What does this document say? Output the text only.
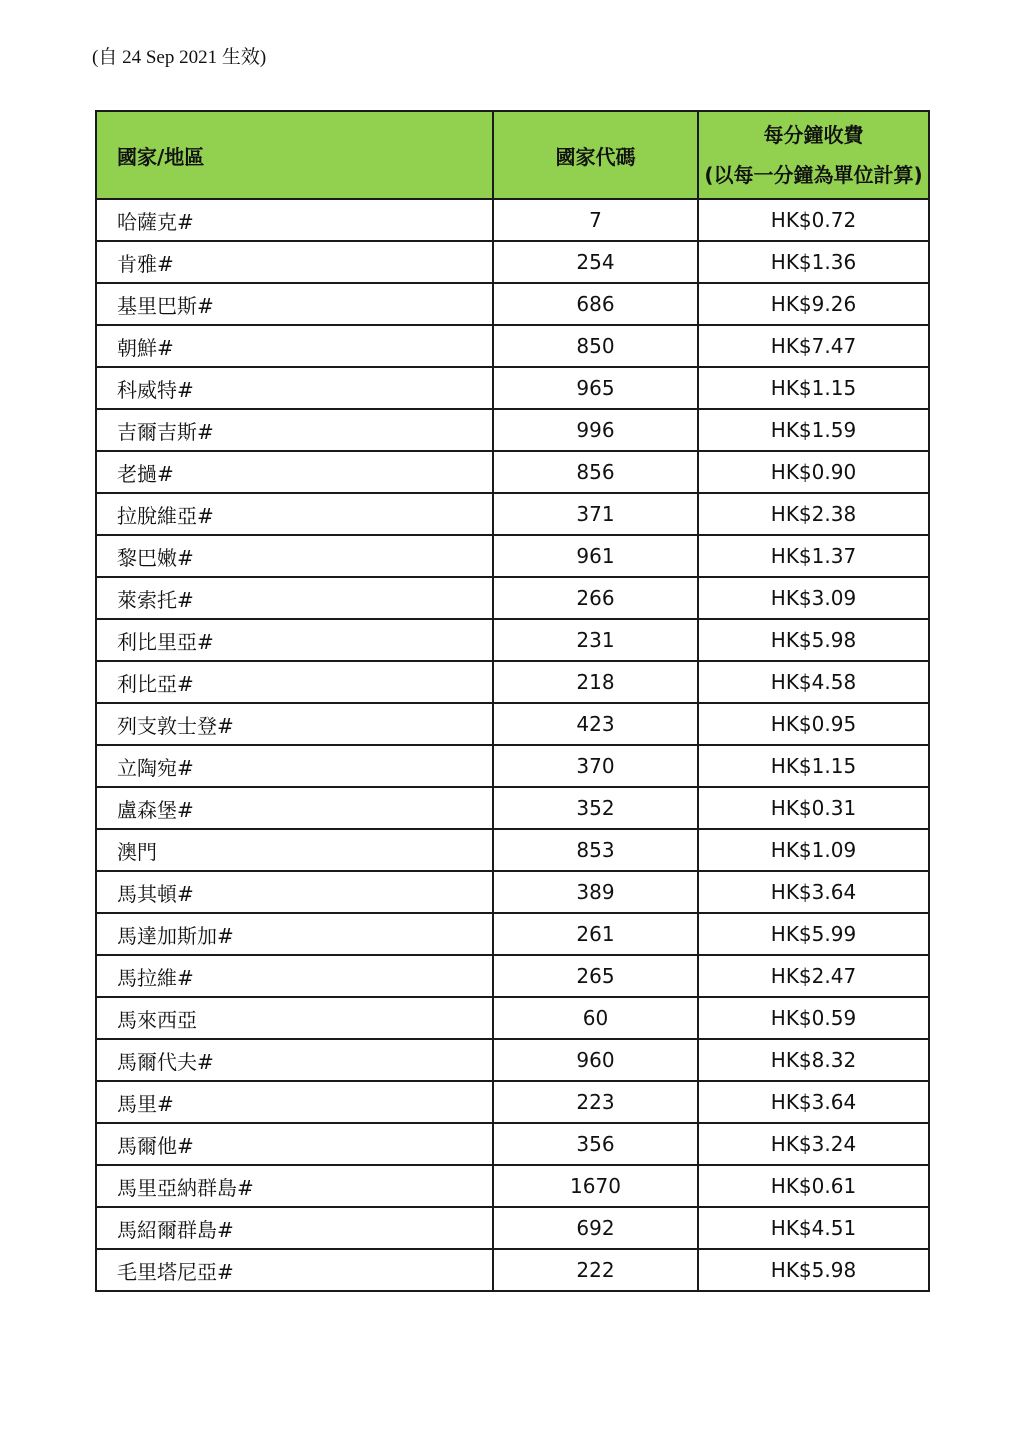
(自 24 Sep 2021 生效)
國家/地區	國家代碼	每分鐘收費
(以每一分鐘為單位計算)

哈薩克#	7	HK$0.72
肯雅#	254	HK$1.36
基里巴斯#	686	HK$9.26
朝鮮#	850	HK$7.47
科威特#	965	HK$1.15
吉爾吉斯#	996	HK$1.59
老撾#	856	HK$0.90
拉脫維亞#	371	HK$2.38
黎巴嫩#	961	HK$1.37
萊索托#	266	HK$3.09
利比里亞#	231	HK$5.98
利比亞#	218	HK$4.58
列支敦士登#	423	HK$0.95
立陶宛#	370	HK$1.15
盧森堡#	352	HK$0.31
澳門	853	HK$1.09
馬其頓#	389	HK$3.64
馬達加斯加#	261	HK$5.99
馬拉維#	265	HK$2.47
馬來西亞	60	HK$0.59
馬爾代夫#	960	HK$8.32
馬里#	223	HK$3.64
馬爾他#	356	HK$3.24
馬里亞納群島#	1670	HK$0.61
馬紹爾群島#	692	HK$4.51
毛里塔尼亞#	222	HK$5.98
